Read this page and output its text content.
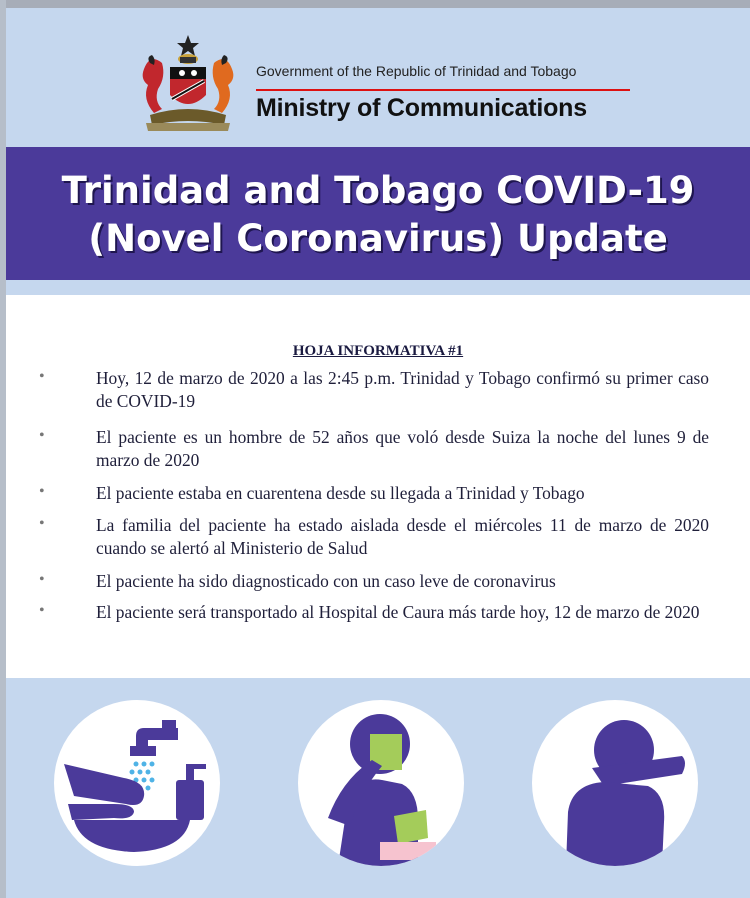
Government of the Republic of Trinidad and Tobago
Ministry of Communications
Trinidad and Tobago COVID-19
(Novel Coronavirus) Update
HOJA INFORMATIVA #1
•	Hoy, 12 de marzo de 2020 a las 2:45 p.m. Trinidad y Tobago confirmó su primer caso de COVID-19
•	El paciente es un hombre de 52 años que voló desde Suiza la noche del lunes 9 de marzo de 2020
•	El paciente estaba en cuarentena desde su llegada a Trinidad y Tobago
•	La familia del paciente ha estado aislada desde el miércoles 11 de marzo de 2020 cuando se alertó al Ministerio de Salud
•	El paciente ha sido diagnosticado con un caso leve de coronavirus
•	El paciente será transportado al Hospital de Caura más tarde hoy, 12 de marzo de 2020
